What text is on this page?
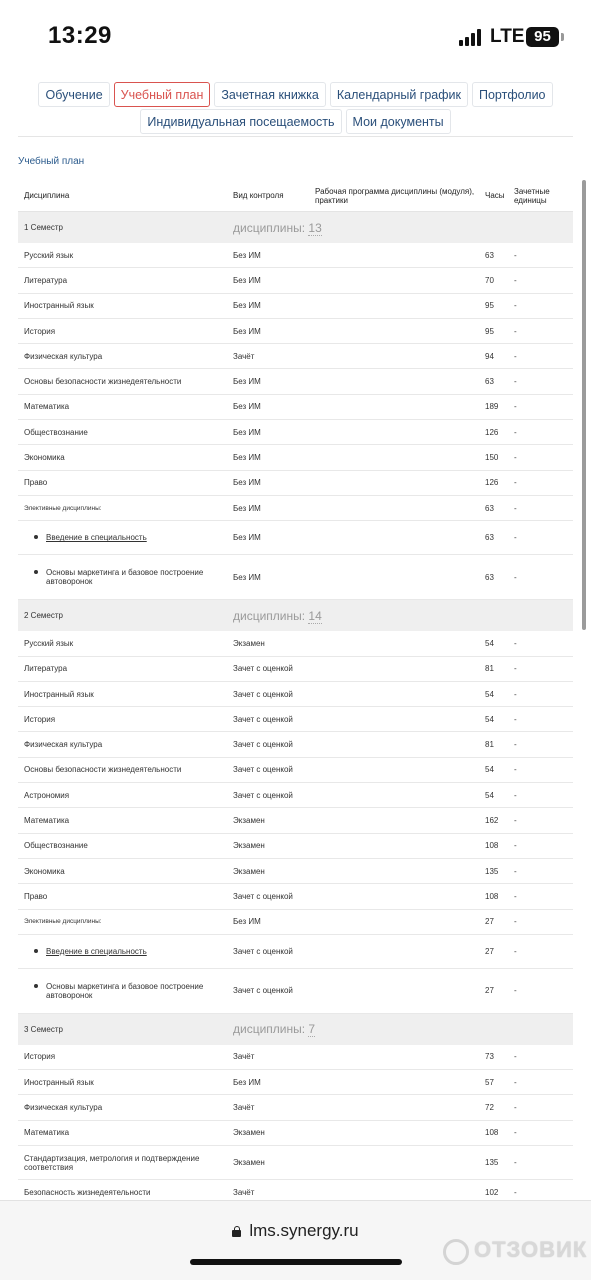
13:29	LTE 95
Обучение	Учебный план	Зачетная книжка	Календарный график	Портфолио
Индивидуальная посещаемость	Мои документы
Учебный план
Дисциплина	Вид контроля	Рабочая программа дисциплины (модуля), практики	Часы	Зачетные единицы
1 Семестр	дисциплины: 13
Русский язык	Без ИМ	63	-
Литература	Без ИМ	70	-
Иностранный язык	Без ИМ	95	-
История	Без ИМ	95	-
Физическая культура	Зачёт	94	-
Основы безопасности жизнедеятельности	Без ИМ	63	-
Математика	Без ИМ	189	-
Обществознание	Без ИМ	126	-
Экономика	Без ИМ	150	-
Право	Без ИМ	126	-
Элективные дисциплины:	Без ИМ	63	-
Введение в специальность	Без ИМ	63	-
Основы маркетинга и базовое построение автоворонок	Без ИМ	63	-
2 Семестр	дисциплины: 14
Русский язык	Экзамен	54	-
Литература	Зачет с оценкой	81	-
Иностранный язык	Зачет с оценкой	54	-
История	Зачет с оценкой	54	-
Физическая культура	Зачет с оценкой	81	-
Основы безопасности жизнедеятельности	Зачет с оценкой	54	-
Астрономия	Зачет с оценкой	54	-
Математика	Экзамен	162	-
Обществознание	Экзамен	108	-
Экономика	Экзамен	135	-
Право	Зачет с оценкой	108	-
Элективные дисциплины:	Без ИМ	27	-
Введение в специальность	Зачет с оценкой	27	-
Основы маркетинга и базовое построение автоворонок	Зачет с оценкой	27	-
3 Семестр	дисциплины: 7
История	Зачёт	73	-
Иностранный язык	Без ИМ	57	-
Физическая культура	Зачёт	72	-
Математика	Экзамен	108	-
Стандартизация, метрология и подтверждение соответствия	Экзамен	135	-
Безопасность жизнедеятельности	Зачёт	102	-
lms.synergy.ru
ОТЗОВИК
